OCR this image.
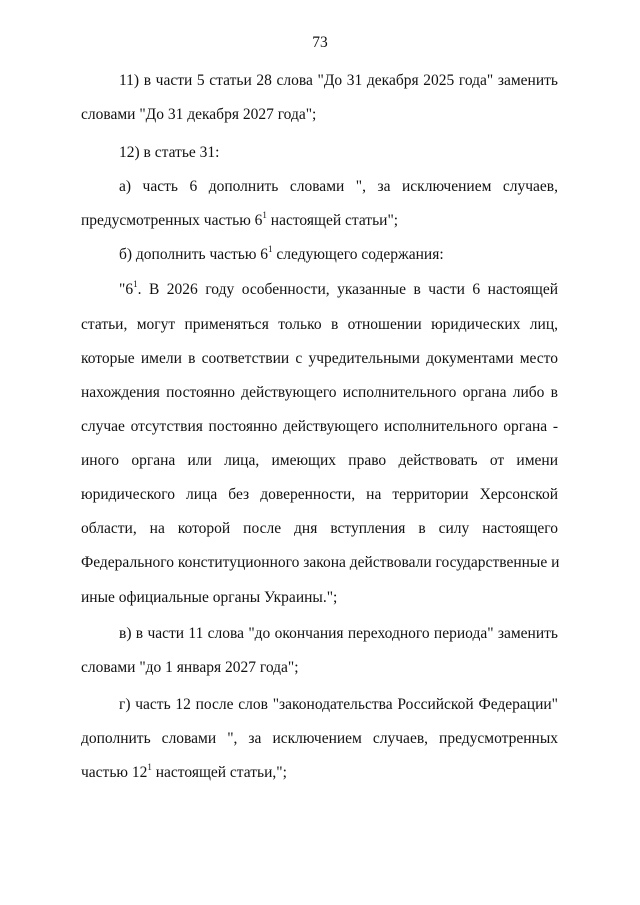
73
11) в части 5 статьи 28 слова "До 31 декабря 2025 года" заменить
словами "До 31 декабря 2027 года";
12) в статье 31:
а) часть 6 дополнить словами ", за исключением случаев,
предусмотренных частью $6^1$ настоящей статьи";
б) дополнить частью $6^1$ следующего содержания:
"$6^1$. В 2026 году особенности, указанные в части 6 настоящей
статьи, могут применяться только в отношении юридических лиц,
которые имели в соответствии с учредительными документами место
нахождения постоянно действующего исполнительного органа либо в
случае отсутствия постоянно действующего исполнительного органа -
иного органа или лица, имеющих право действовать от имени
юридического лица без доверенности, на территории Херсонской
области, на которой после дня вступления в силу настоящего
Федерального конституционного закона действовали государственные и
иные официальные органы Украины.";
в) в части 11 слова "до окончания переходного периода" заменить
словами "до 1 января 2027 года";
г) часть 12 после слов "законодательства Российской Федерации"
дополнить словами ", за исключением случаев, предусмотренных
частью $12^1$ настоящей статьи,";
